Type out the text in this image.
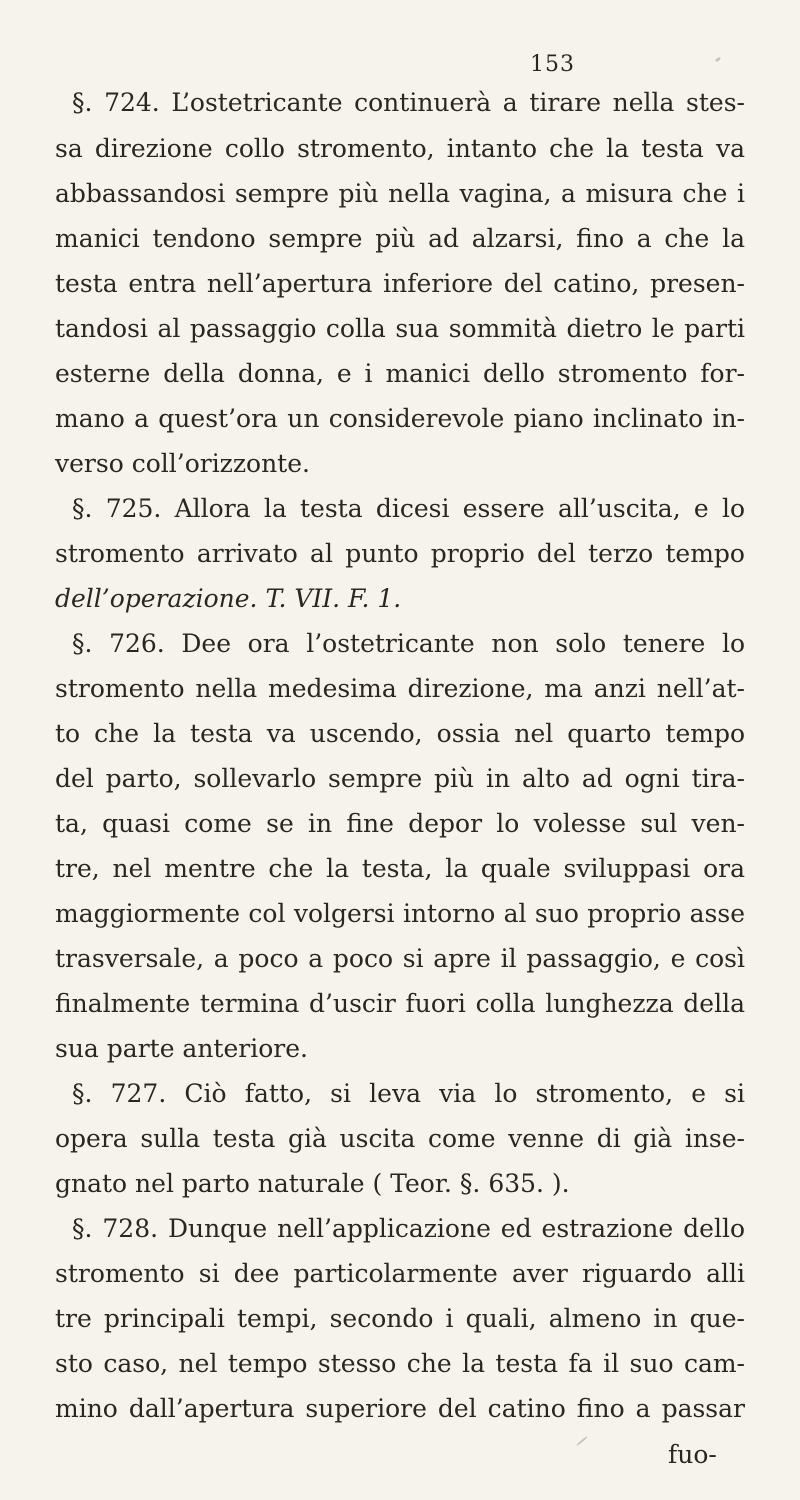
153
§. 724. L’ostetricante continuerà a tirare nella stes-
sa direzione collo stromento, intanto che la testa va
abbassandosi sempre più nella vagina, a misura che i
manici tendono sempre più ad alzarsi, fino a che la
testa entra nell’apertura inferiore del catino, presen-
tandosi al passaggio colla sua sommità dietro le parti
esterne della donna, e i manici dello stromento for-
mano a quest’ora un considerevole piano inclinato in-
verso coll’orizzonte.
§. 725. Allora la testa dicesi essere all’uscita, e lo
stromento arrivato al punto proprio del terzo tempo
dell’operazione. T. VII. F. 1.
§. 726. Dee ora l’ostetricante non solo tenere lo
stromento nella medesima direzione, ma anzi nell’at-
to che la testa va uscendo, ossia nel quarto tempo
del parto, sollevarlo sempre più in alto ad ogni tira-
ta, quasi come se in fine depor lo volesse sul ven-
tre, nel mentre che la testa, la quale sviluppasi ora
maggiormente col volgersi intorno al suo proprio asse
trasversale, a poco a poco si apre il passaggio, e così
finalmente termina d’uscir fuori colla lunghezza della
sua parte anteriore.
§. 727. Ciò fatto, si leva via lo stromento, e si
opera sulla testa già uscita come venne di già inse-
gnato nel parto naturale ( Teor. §. 635. ).
§. 728. Dunque nell’applicazione ed estrazione dello
stromento si dee particolarmente aver riguardo alli
tre principali tempi, secondo i quali, almeno in que-
sto caso, nel tempo stesso che la testa fa il suo cam-
mino dall’apertura superiore del catino fino a passar
fuo-
